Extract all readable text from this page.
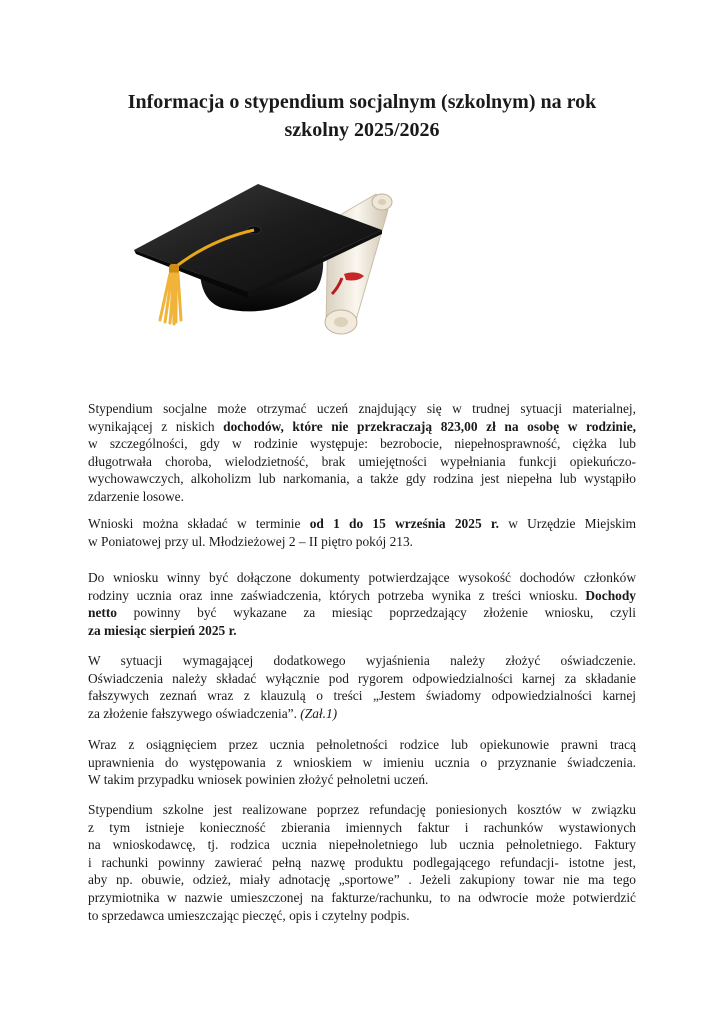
Informacja o stypendium socjalnym (szkolnym) na rok
szkolny 2025/2026

Stypendium socjalne może otrzymać uczeń znajdujący się w trudnej sytuacji materialnej,
wynikającej z niskich dochodów, które nie przekraczają 823,00 zł na osobę w rodzinie,
w szczególności, gdy w rodzinie występuje: bezrobocie, niepełnosprawność, ciężka lub
długotrwała choroba, wielodzietność, brak umiejętności wypełniania funkcji opiekuńczo-
wychowawczych, alkoholizm lub narkomania, a także gdy rodzina jest niepełna lub wystąpiło
zdarzenie losowe.

Wnioski można składać w terminie od 1 do 15 września 2025 r. w Urzędzie Miejskim
w Poniatowej przy ul. Młodzieżowej 2 – II piętro pokój 213.

Do wniosku winny być dołączone dokumenty potwierdzające wysokość dochodów członków
rodziny ucznia oraz inne zaświadczenia, których potrzeba wynika z treści wniosku. Dochody
netto powinny być wykazane za miesiąc poprzedzający złożenie wniosku, czyli
za miesiąc sierpień 2025 r.

W sytuacji wymagającej dodatkowego wyjaśnienia należy złożyć oświadczenie.
Oświadczenia należy składać wyłącznie pod rygorem odpowiedzialności karnej za składanie
fałszywych zeznań wraz z klauzulą o treści „Jestem świadomy odpowiedzialności karnej
za złożenie fałszywego oświadczenia”. (Zał.1)

Wraz z osiągnięciem przez ucznia pełnoletności rodzice lub opiekunowie prawni tracą
uprawnienia do występowania z wnioskiem w imieniu ucznia o przyznanie świadczenia.
W takim przypadku wniosek powinien złożyć pełnoletni uczeń.

Stypendium szkolne jest realizowane poprzez refundację poniesionych kosztów w związku
z tym istnieje konieczność zbierania imiennych faktur i rachunków wystawionych
na wnioskodawcę, tj. rodzica ucznia niepełnoletniego lub ucznia pełnoletniego. Faktury
i rachunki powinny zawierać pełną nazwę produktu podlegającego refundacji- istotne jest,
aby np. obuwie, odzież, miały adnotację „sportowe” . Jeżeli zakupiony towar nie ma tego
przymiotnika w nazwie umieszczonej na fakturze/rachunku, to na odwrocie może potwierdzić
to sprzedawca umieszczając pieczęć, opis i czytelny podpis.
